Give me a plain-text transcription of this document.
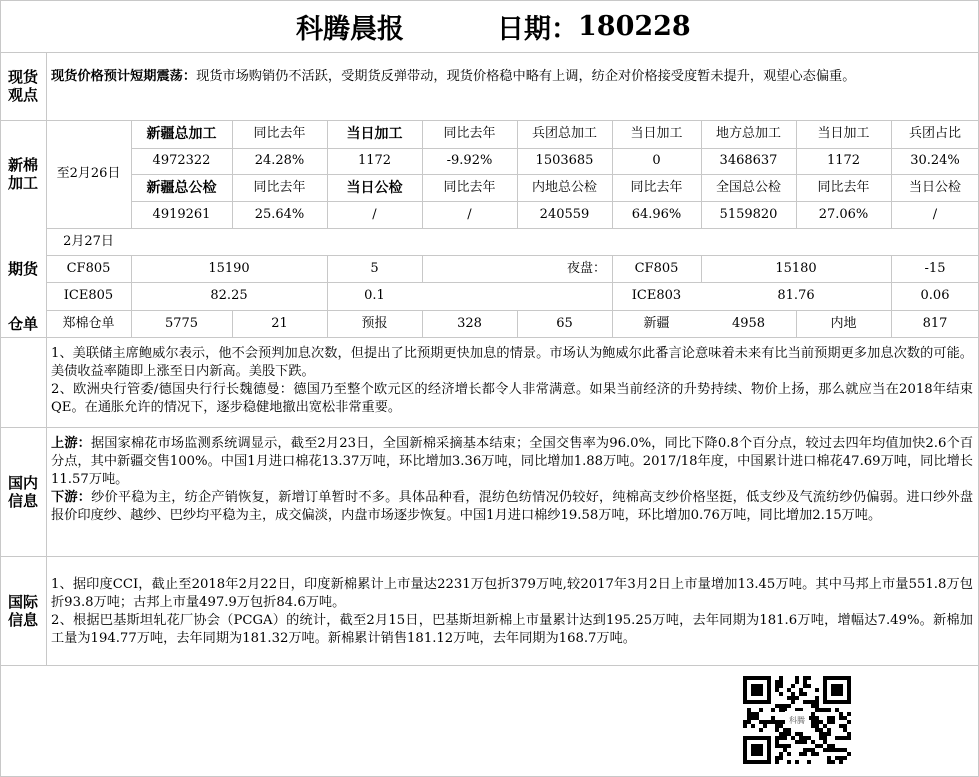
科腾晨报	日期： 180228
现货观点
现货价格预计短期震荡：现货市场购销仍不活跃，受期货反弹带动，现货价格稳中略有上调，纺企对价格接受度暂未提升，观望心态偏重。
新棉加工
至2月26日
新疆总加工	同比去年	当日加工	同比去年	兵团总加工	当日加工	地方总加工	当日加工	兵团占比
4972322	24.28%	1172	-9.92%	1503685	0	3468637	1172	30.24%
新疆总公检	同比去年	当日公检	同比去年	内地总公检	同比去年	全国总公检	同比去年	当日公检
4919261	25.64%	/	/	240559	64.96%	5159820	27.06%	/
期货
2月27日
CF805	15190	5	夜盘：	CF805	15180	-15
ICE805	82.25	0.1	ICE803	81.76	0.06
仓单	郑棉仓单	5775	21	预报	328	65	新疆	4958	内地	817
1、美联储主席鲍威尔表示，他不会预判加息次数，但提出了比预期更快加息的情景。市场认为鲍威尔此番言论意味着未来有比当前预期更多加息次数的可能。美债收益率随即上涨至日内新高。美股下跌。
2、欧洲央行管委/德国央行行长魏德曼：德国乃至整个欧元区的经济增长都令人非常满意。如果当前经济的升势持续、物价上扬，那么就应当在2018年结束QE。在通胀允许的情况下，逐步稳健地撤出宽松非常重要。
国内信息
上游：据国家棉花市场监测系统调显示，截至2月23日，全国新棉采摘基本结束；全国交售率为96.0%，同比下降0.8个百分点，较过去四年均值加快2.6个百分点，其中新疆交售100%。中国1月进口棉花13.37万吨，环比增加3.36万吨，同比增加1.88万吨。2017/18年度，中国累计进口棉花47.69万吨，同比增长11.57万吨。
下游：纱价平稳为主，纺企产销恢复，新增订单暂时不多。具体品种看，混纺色纺情况仍较好，纯棉高支纱价格坚挺，低支纱及气流纺纱仍偏弱。进口纱外盘报价印度纱、越纱、巴纱均平稳为主，成交偏淡，内盘市场逐步恢复。中国1月进口棉纱19.58万吨，环比增加0.76万吨，同比增加2.15万吨。
国际信息
1、据印度CCI，截止至2018年2月22日，印度新棉累计上市量达2231万包折379万吨,较2017年3月2日上市量增加13.45万吨。其中马邦上市量551.8万包折93.8万吨；古邦上市量497.9万包折84.6万吨。
2、根据巴基斯坦轧花厂协会（PCGA）的统计，截至2月15日，巴基斯坦新棉上市量累计达到195.25万吨，去年同期为181.6万吨，增幅达7.49%。新棉加工量为194.77万吨，去年同期为181.32万吨。新棉累计销售181.12万吨，去年同期为168.7万吨。
科腾
